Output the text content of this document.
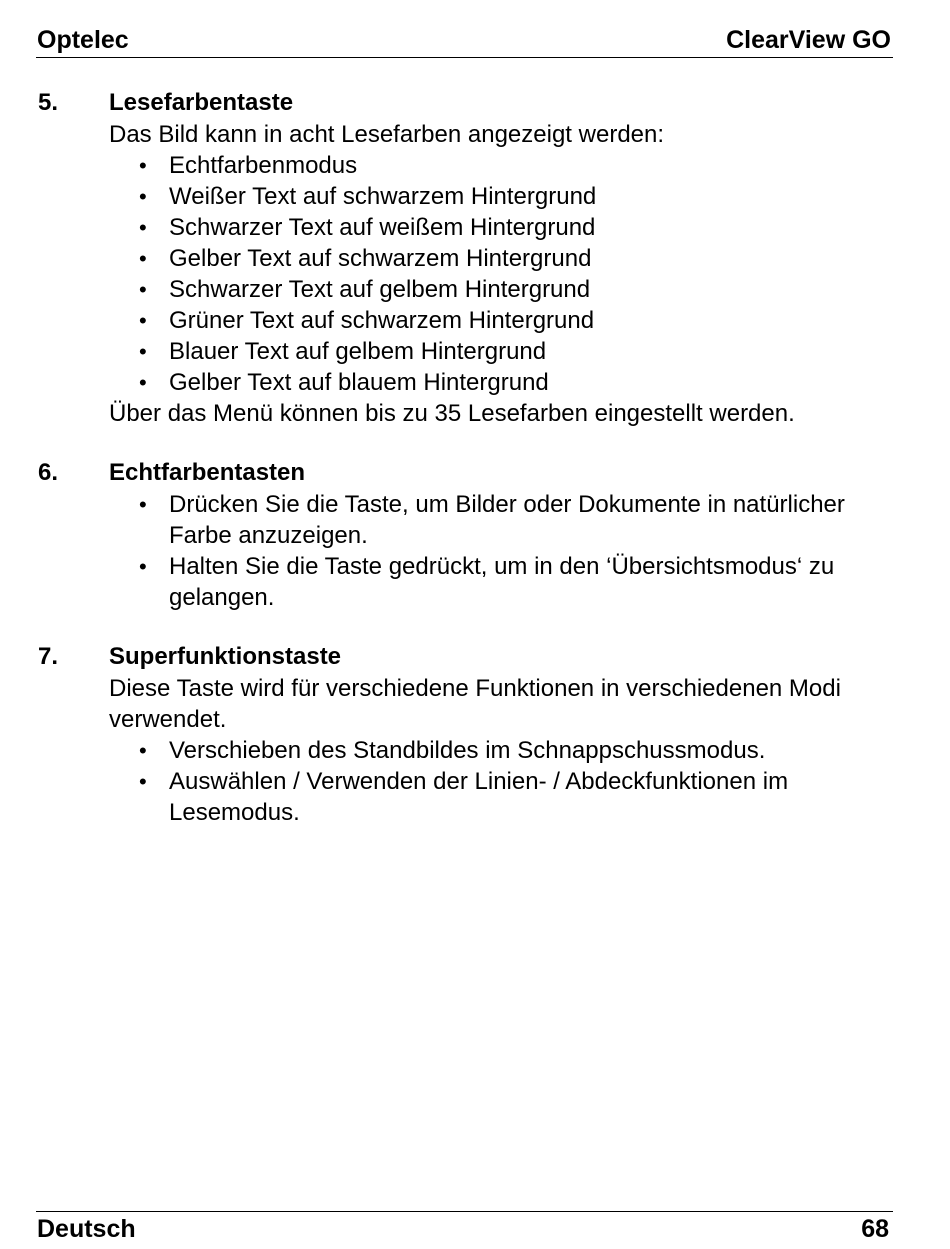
Optelec	ClearView GO
5. Lesefarbentaste
Das Bild kann in acht Lesefarben angezeigt werden:
• Echtfarbenmodus
• Weißer Text auf schwarzem Hintergrund
• Schwarzer Text auf weißem Hintergrund
• Gelber Text auf schwarzem Hintergrund
• Schwarzer Text auf gelbem Hintergrund
• Grüner Text auf schwarzem Hintergrund
• Blauer Text auf gelbem Hintergrund
• Gelber Text auf blauem Hintergrund
Über das Menü können bis zu 35 Lesefarben eingestellt werden.
6. Echtfarbentasten
• Drücken Sie die Taste, um Bilder oder Dokumente in natürlicher Farbe anzuzeigen.
• Halten Sie die Taste gedrückt, um in den ‘Übersichtsmodus‘ zu gelangen.
7. Superfunktionstaste
Diese Taste wird für verschiedene Funktionen in verschiedenen Modi verwendet.
• Verschieben des Standbildes im Schnappschussmodus.
• Auswählen / Verwenden der Linien- / Abdeckfunktionen im Lesemodus.
Deutsch	68
